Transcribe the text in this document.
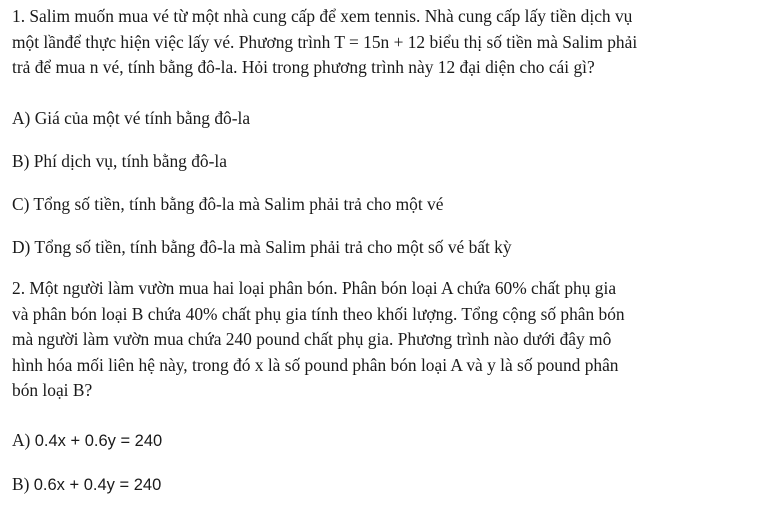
1. Salim muốn mua vé từ một nhà cung cấp để xem tennis. Nhà cung cấp lấy tiền dịch vụ
một lầnđể thực hiện việc lấy vé. Phương trình T = 15n + 12 biểu thị số tiền mà Salim phải
trả để mua n vé, tính bằng đô-la. Hỏi trong phương trình này 12 đại diện cho cái gì?

A) Giá của một vé tính bằng đô-la

B) Phí dịch vụ, tính bằng đô-la

C) Tổng số tiền, tính bằng đô-la mà Salim phải trả cho một vé

D) Tổng số tiền, tính bằng đô-la mà Salim phải trả cho một số vé bất kỳ

2. Một người làm vườn mua hai loại phân bón. Phân bón loại A chứa 60% chất phụ gia
và phân bón loại B chứa 40% chất phụ gia tính theo khối lượng. Tổng cộng số phân bón
mà người làm vườn mua chứa 240 pound chất phụ gia. Phương trình nào dưới đây mô
hình hóa mối liên hệ này, trong đó x là số pound phân bón loại A và y là số pound phân
bón loại B?

A) 0.4x + 0.6y = 240

B) 0.6x + 0.4y = 240
